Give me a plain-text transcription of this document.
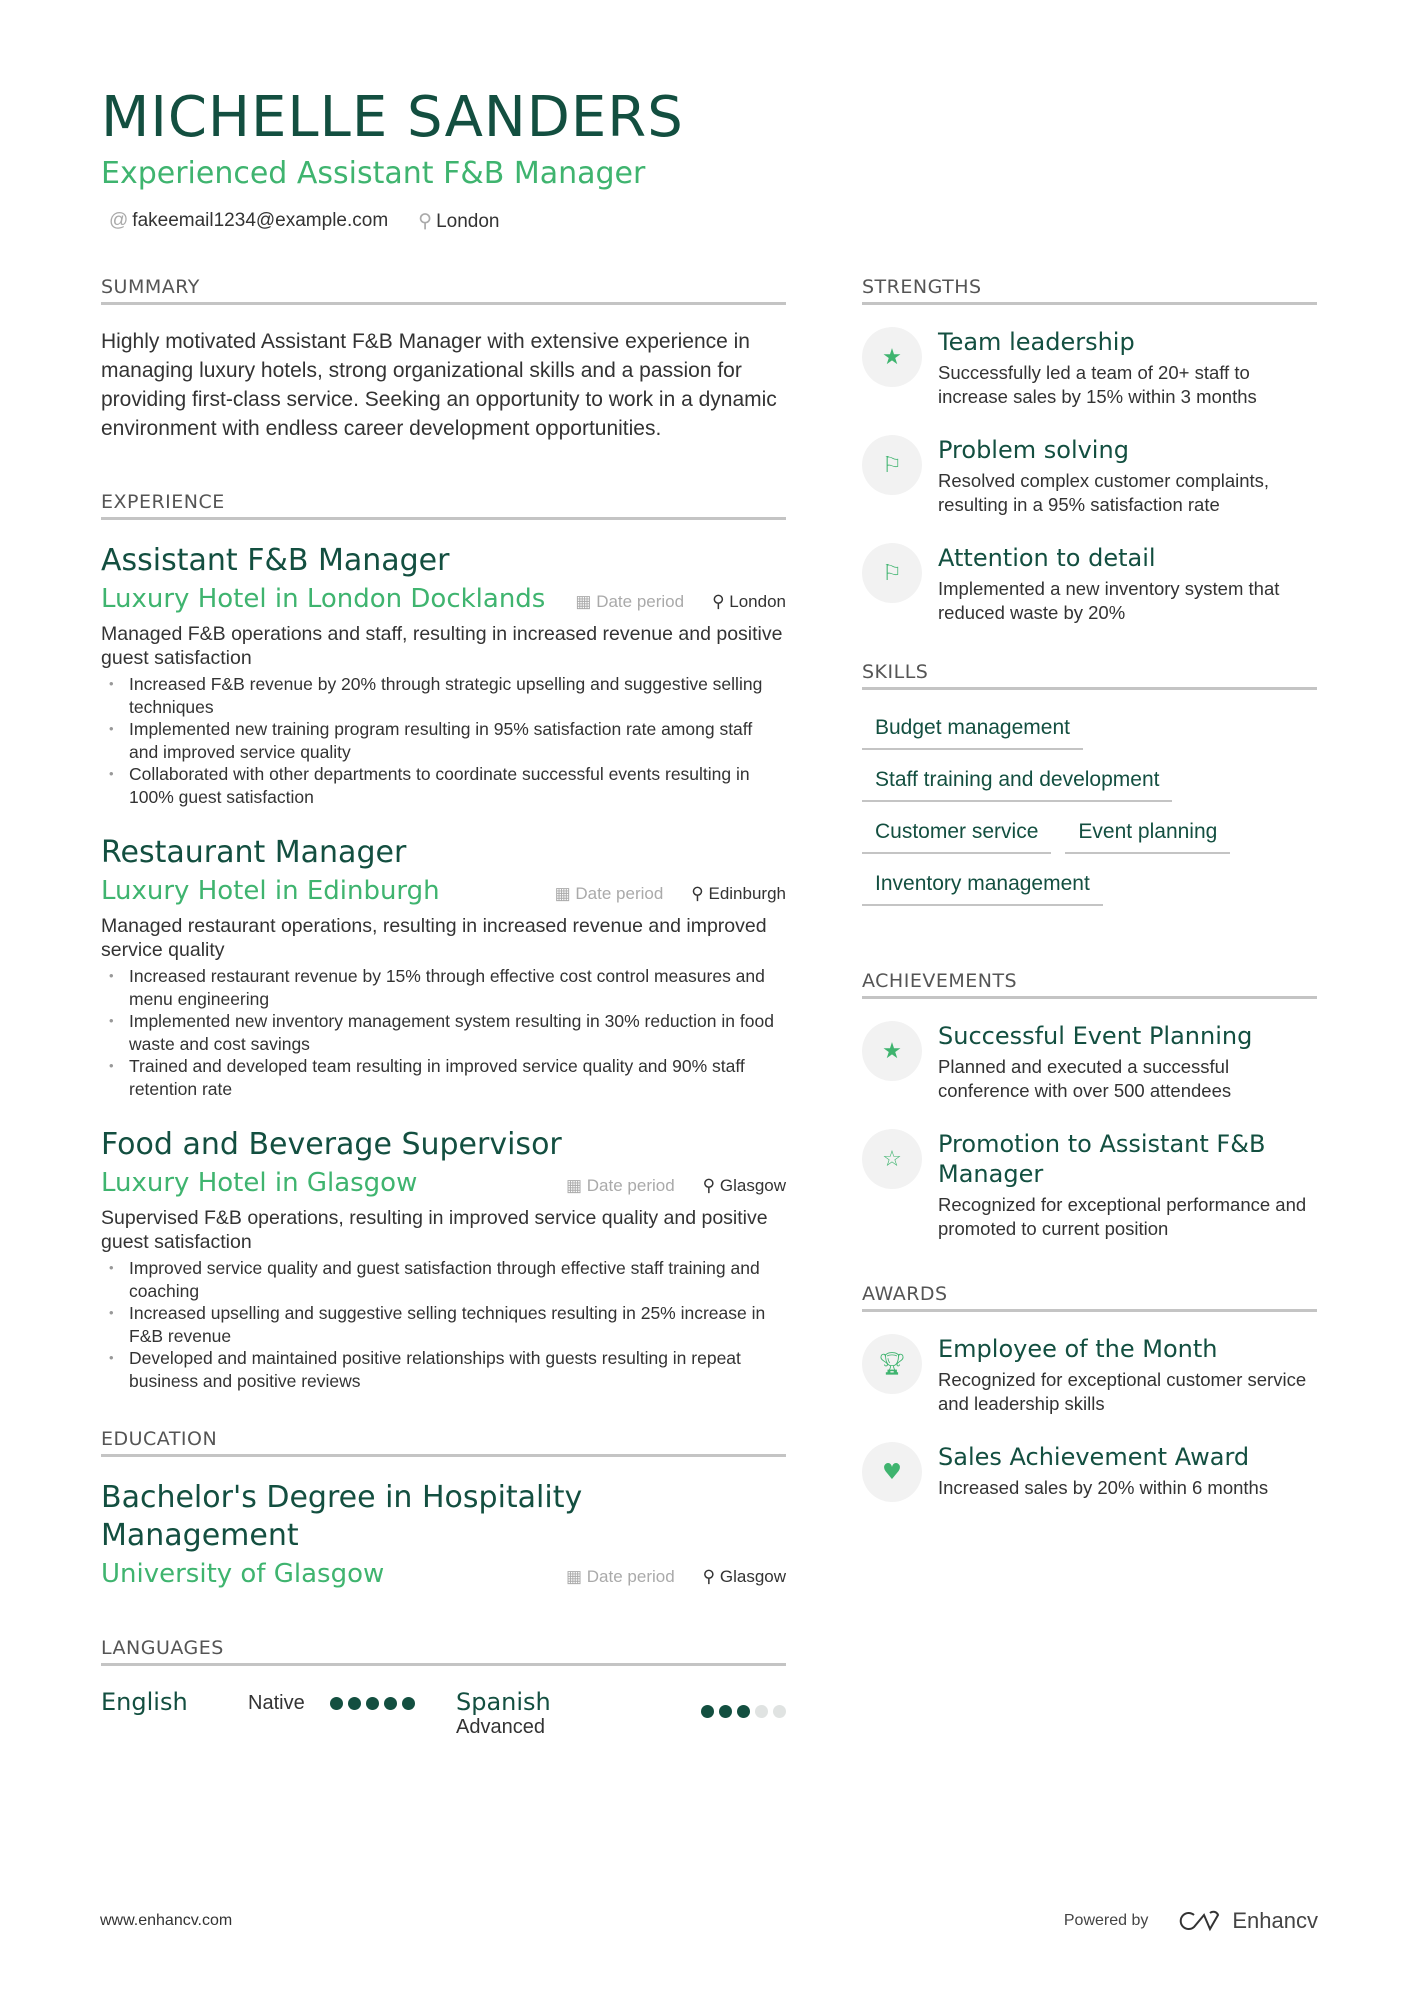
MICHELLE SANDERS
Experienced Assistant F&B Manager
@ fakeemail1234@example.com ⚲ London
SUMMARY
Highly motivated Assistant F&B Manager with extensive experience in managing luxury hotels, strong organizational skills and a passion for providing first-class service. Seeking an opportunity to work in a dynamic environment with endless career development opportunities.
EXPERIENCE
Assistant F&B Manager
Luxury Hotel in London Docklands	▦ Date period ⚲ London
Managed F&B operations and staff, resulting in increased revenue and positive guest satisfaction
• Increased F&B revenue by 20% through strategic upselling and suggestive selling techniques
• Implemented new training program resulting in 95% satisfaction rate among staff and improved service quality
• Collaborated with other departments to coordinate successful events resulting in 100% guest satisfaction
Restaurant Manager
Luxury Hotel in Edinburgh	▦ Date period ⚲ Edinburgh
Managed restaurant operations, resulting in increased revenue and improved service quality
• Increased restaurant revenue by 15% through effective cost control measures and menu engineering
• Implemented new inventory management system resulting in 30% reduction in food waste and cost savings
• Trained and developed team resulting in improved service quality and 90% staff retention rate
Food and Beverage Supervisor
Luxury Hotel in Glasgow	▦ Date period ⚲ Glasgow
Supervised F&B operations, resulting in improved service quality and positive guest satisfaction
• Improved service quality and guest satisfaction through effective staff training and coaching
• Increased upselling and suggestive selling techniques resulting in 25% increase in F&B revenue
• Developed and maintained positive relationships with guests resulting in repeat business and positive reviews
EDUCATION
Bachelor's Degree in Hospitality Management
University of Glasgow	▦ Date period ⚲ Glasgow
LANGUAGES
English	Native	Spanish
Advanced
STRENGTHS
★
Team leadership
Successfully led a team of 20+ staff to increase sales by 15% within 3 months
⚐
Problem solving
Resolved complex customer complaints, resulting in a 95% satisfaction rate
⚐
Attention to detail
Implemented a new inventory system that reduced waste by 20%
SKILLS
Budget management
Staff training and development
Customer service	Event planning
Inventory management
ACHIEVEMENTS
★
Successful Event Planning
Planned and executed a successful conference with over 500 attendees
☆
Promotion to Assistant F&B Manager
Recognized for exceptional performance and promoted to current position
AWARDS
🏆︎
Employee of the Month
Recognized for exceptional customer service and leadership skills
♥
Sales Achievement Award
Increased sales by 20% within 6 months
www.enhancv.com	Powered by	Enhancv
